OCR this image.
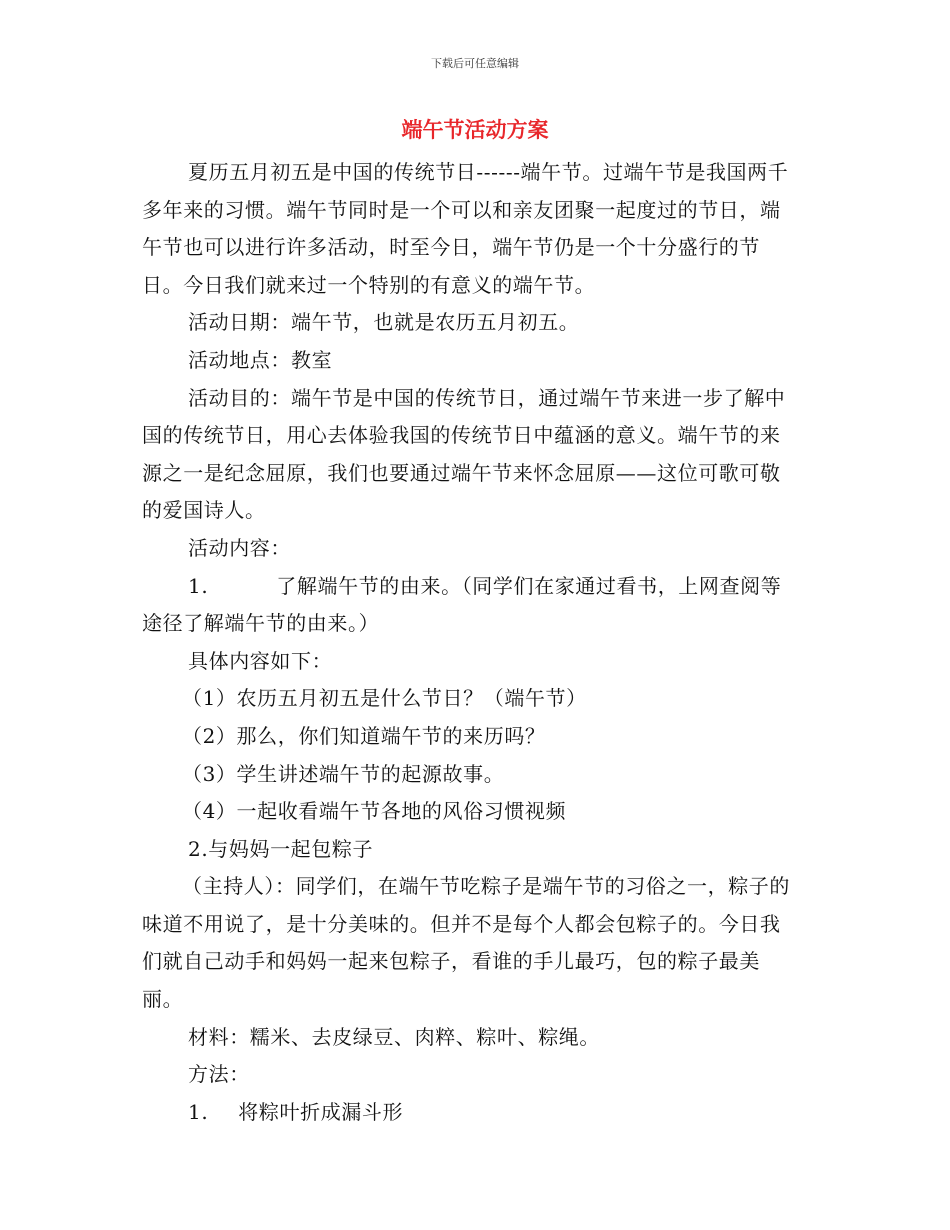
下载后可任意编辑
端午节活动方案

夏历五月初五是中国的传统节日------端午节。过端午节是我国两千多年来的习惯。端午节同时是一个可以和亲友团聚一起度过的节日，端午节也可以进行许多活动，时至今日，端午节仍是一个十分盛行的节日。今日我们就来过一个特别的有意义的端午节。

活动日期：端午节，也就是农历五月初五。

活动地点：教室

活动目的：端午节是中国的传统节日，通过端午节来进一步了解中国的传统节日，用心去体验我国的传统节日中蕴涵的意义。端午节的来源之一是纪念屈原，我们也要通过端午节来怀念屈原——这位可歌可敬的爱国诗人。

活动内容：

1.	了解端午节的由来。（同学们在家通过看书，上网查阅等途径了解端午节的由来。）

具体内容如下：

（1）农历五月初五是什么节日？（端午节）

（2）那么，你们知道端午节的来历吗？

（3）学生讲述端午节的起源故事。

（4）一起收看端午节各地的风俗习惯视频

2.与妈妈一起包粽子

（主持人）：同学们，在端午节吃粽子是端午节的习俗之一，粽子的味道不用说了，是十分美味的。但并不是每个人都会包粽子的。今日我们就自己动手和妈妈一起来包粽子，看谁的手儿最巧，包的粽子最美丽。

材料：糯米、去皮绿豆、肉粹、粽叶、粽绳。

方法：

1. 将粽叶折成漏斗形
